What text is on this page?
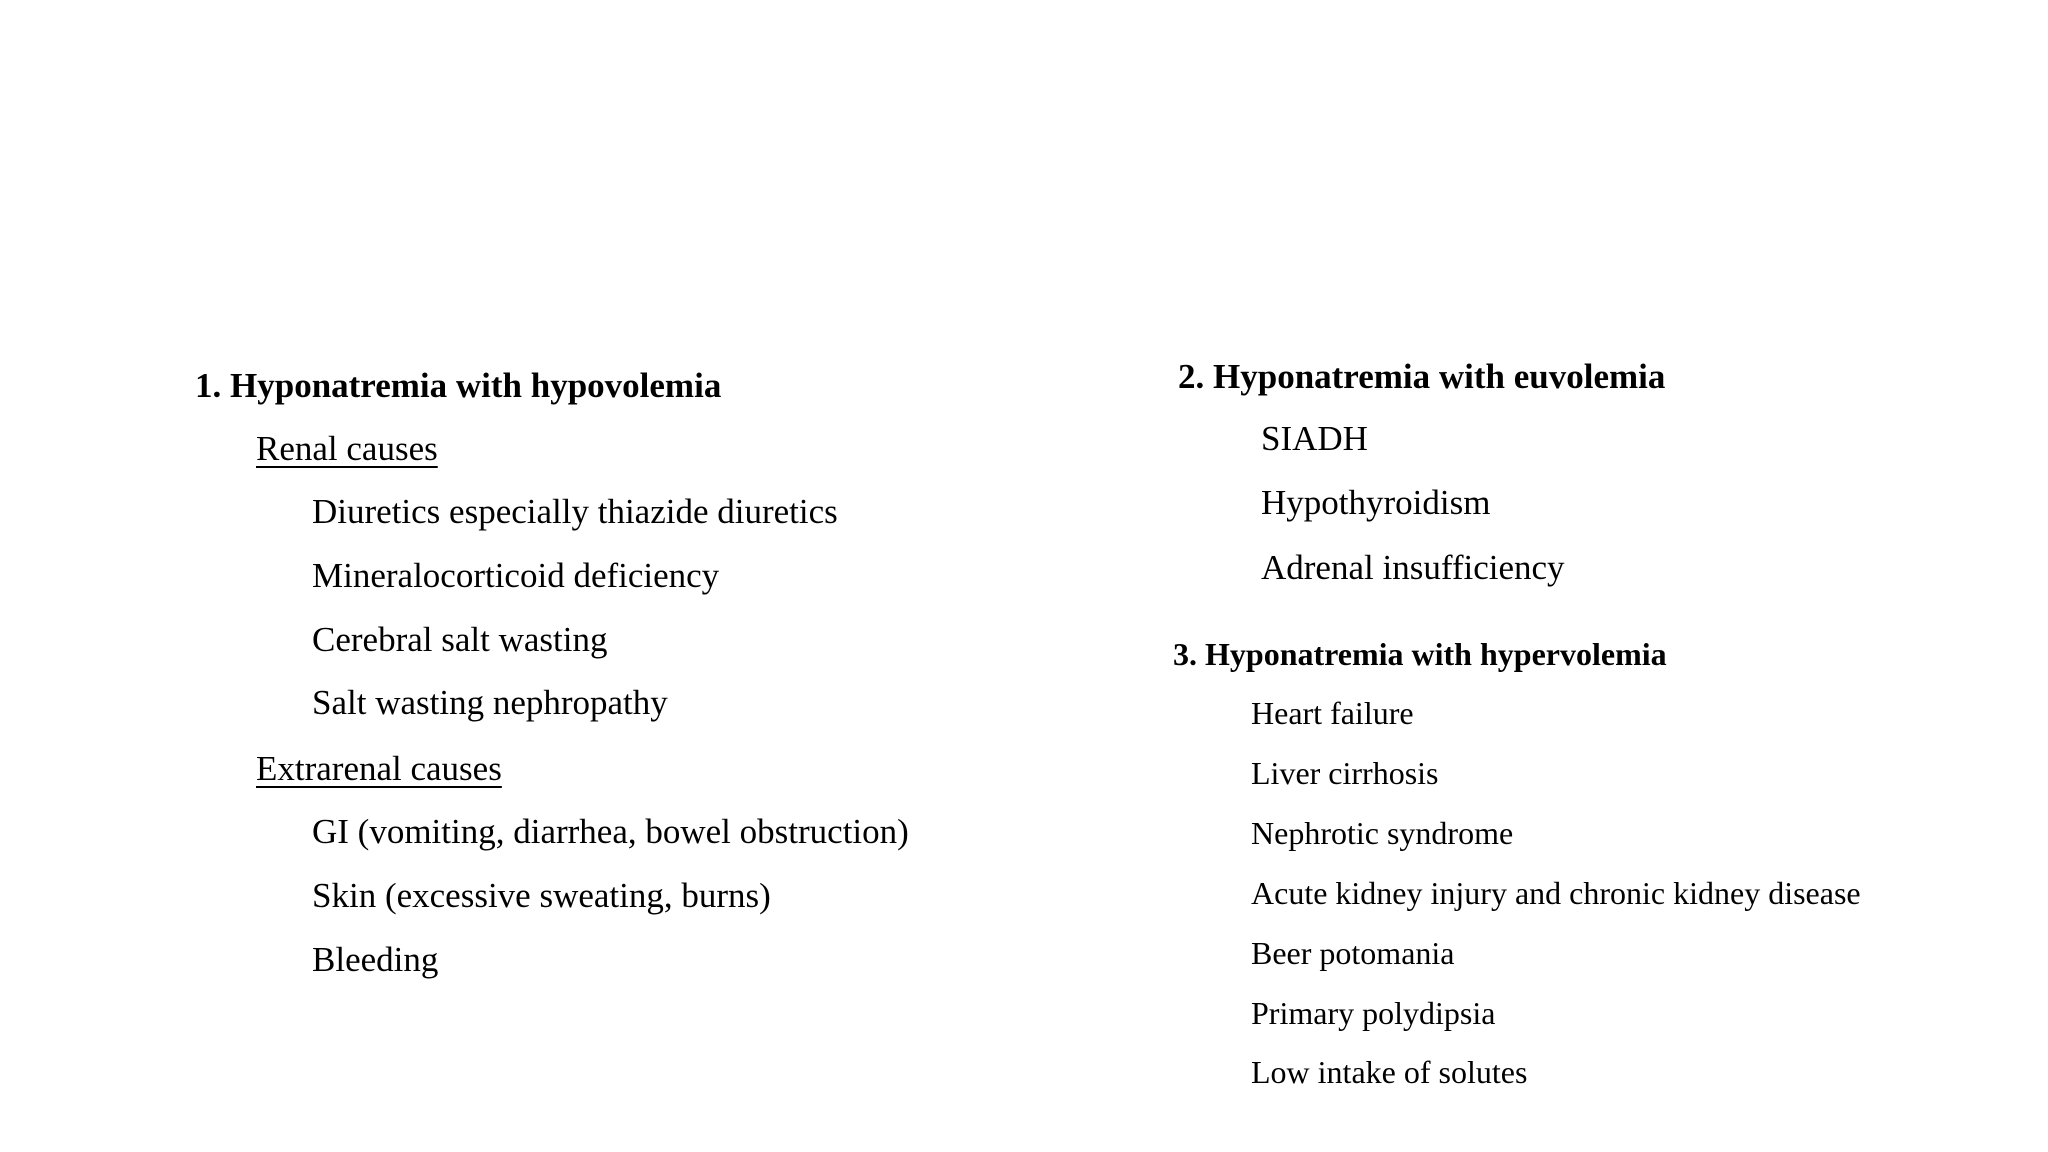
1. Hyponatremia with hypovolemia
Renal causes
Diuretics especially thiazide diuretics
Mineralocorticoid deficiency
Cerebral salt wasting
Salt wasting nephropathy
Extrarenal causes
GI (vomiting, diarrhea, bowel obstruction)
Skin (excessive sweating, burns)
Bleeding
2. Hyponatremia with euvolemia
SIADH
Hypothyroidism
Adrenal insufficiency
3. Hyponatremia with hypervolemia
Heart failure
Liver cirrhosis
Nephrotic syndrome
Acute kidney injury and chronic kidney disease
Beer potomania
Primary polydipsia
Low intake of solutes
